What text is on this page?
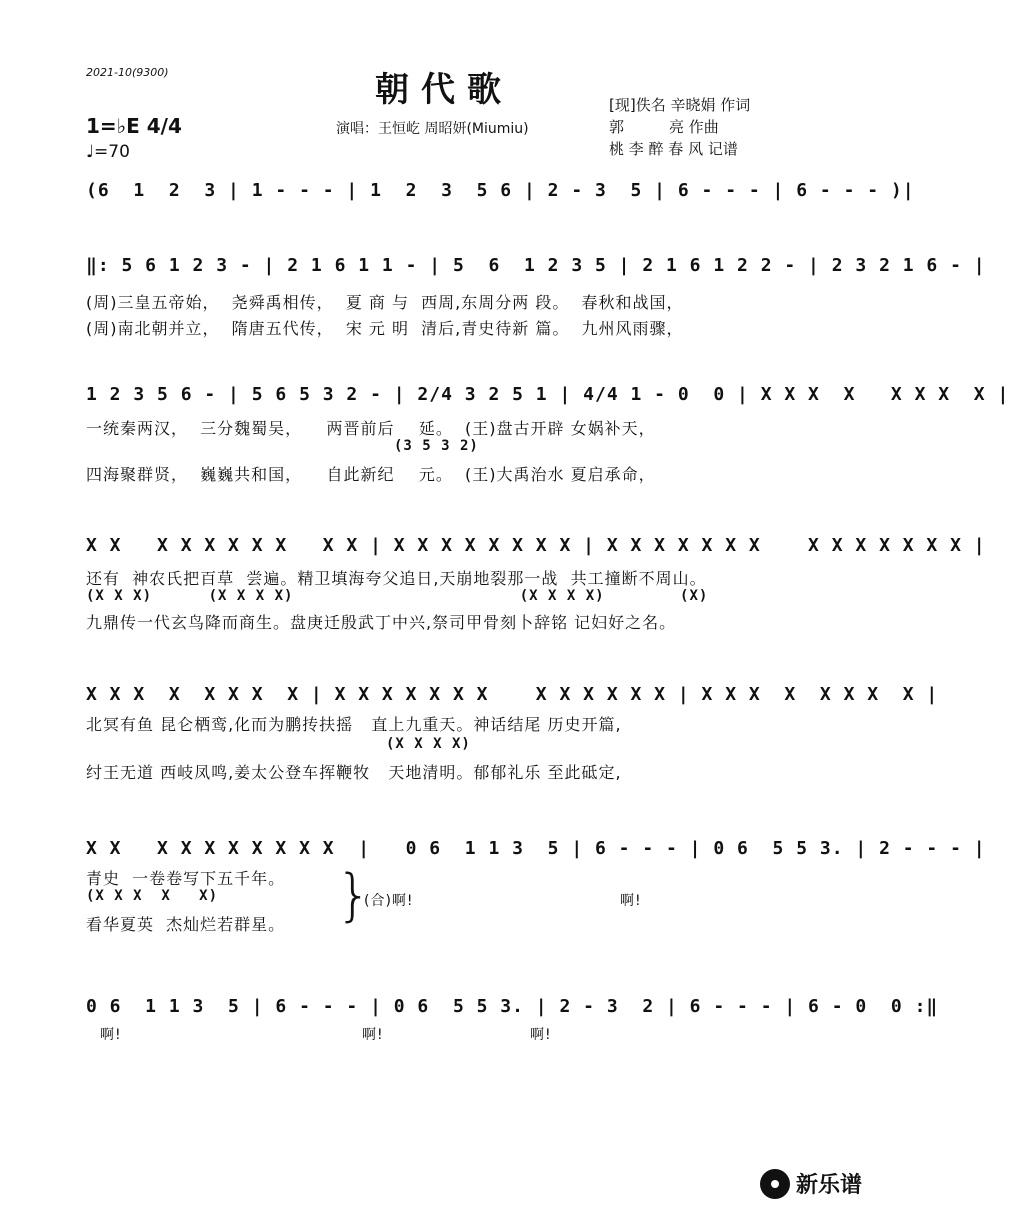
2021-10(9300)	朝代歌
演唱：王恒屹 周昭妍(Miumiu)
[现]佚名 辛晓娟 作词
郭　　　亮 作曲
桃 李 醉 春 风 记谱
1=♭E 4/4
♩=70
(6  1  2  3 | 1 - - - | 1  2  3  5 6 | 2 - 3  5 | 6 - - - | 6 - - - )|
‖: 5 6 1 2 3 - | 2 1 6 1 1 - | 5  6  1 2 3 5 | 2 1 6 1 2 2 - | 2 3 2 1 6 - |
(周)三皇五帝始，  尧舜禹相传，  夏 商 与  西周,东周分两 段。  春秋和战国，
(周)南北朝并立，  隋唐五代传，  宋 元 明  清后,青史待新 篇。  九州风雨骤，
1 2 3 5 6 - | 5 6 5 3 2 - | 2/4 3 2 5 1 | 4/4 1 - 0  0 | X X X  X   X X X  X |
一统秦两汉，  三分魏蜀吴，    两晋前后    延。  (王)盘古开辟 女娲补天，
(3 5 3 2)
四海聚群贤，  巍巍共和国，    自此新纪    元。  (王)大禹治水 夏启承命，
X X   X X X X X X   X X | X X X X X X X X | X X X X X X X    X X X X X X X |
还有  神农氏把百草  尝遍。精卫填海夸父追日,天崩地裂那一战  共工撞断不周山。
(X X X)      (X X X X)                        (X X X X)        (X)
九鼎传一代玄鸟降而商生。盘庚迁殷武丁中兴,祭司甲骨刻卜辞铭 记妇好之名。
X X X  X  X X X  X | X X X X X X X    X X X X X X | X X X  X  X X X  X |
北冥有鱼 昆仑栖鸾,化而为鹏抟扶摇   直上九重天。神话结尾 历史开篇,
(X X X X)
纣王无道 西岐凤鸣,姜太公登车挥鞭牧   天地清明。郁郁礼乐 至此砥定,
X X   X X X X X X X X  |   0 6  1 1 3  5 | 6 - - - | 0 6  5 5 3. | 2 - - - |
青史  一卷卷写下五千年。
(X X X  X   X)
看华夏英  杰灿烂若群星。 }
(合)啊!	啊!
0 6  1 1 3  5 | 6 - - - | 0 6  5 5 3. | 2 - 3  2 | 6 - - - | 6 - 0  0 :‖
啊!	啊!	啊!
新乐谱
